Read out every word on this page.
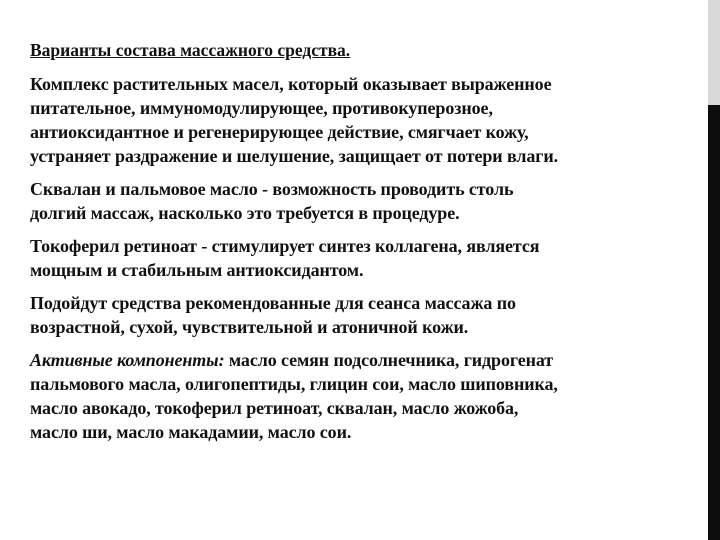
Варианты состава массажного средства.
Комплекс растительных масел, который оказывает выраженное
питательное, иммуномодулирующее, противокуперозное,
антиоксидантное и регенерирующее действие, смягчает кожу,
устраняет раздражение и шелушение, защищает от потери влаги.
Сквалан и пальмовое масло - возможность проводить столь
долгий массаж, насколько это требуется в процедуре.
Токоферил ретиноат - стимулирует синтез коллагена, является
мощным и стабильным антиоксидантом.
Подойдут средства рекомендованные для сеанса массажа по
возрастной, сухой, чувствительной и атоничной кожи.
Активные компоненты: масло семян подсолнечника, гидрогенат
пальмового масла, олигопептиды, глицин сои, масло шиповника,
масло авокадо, токоферил ретиноат, сквалан, масло жожоба,
масло ши, масло макадамии, масло сои.
